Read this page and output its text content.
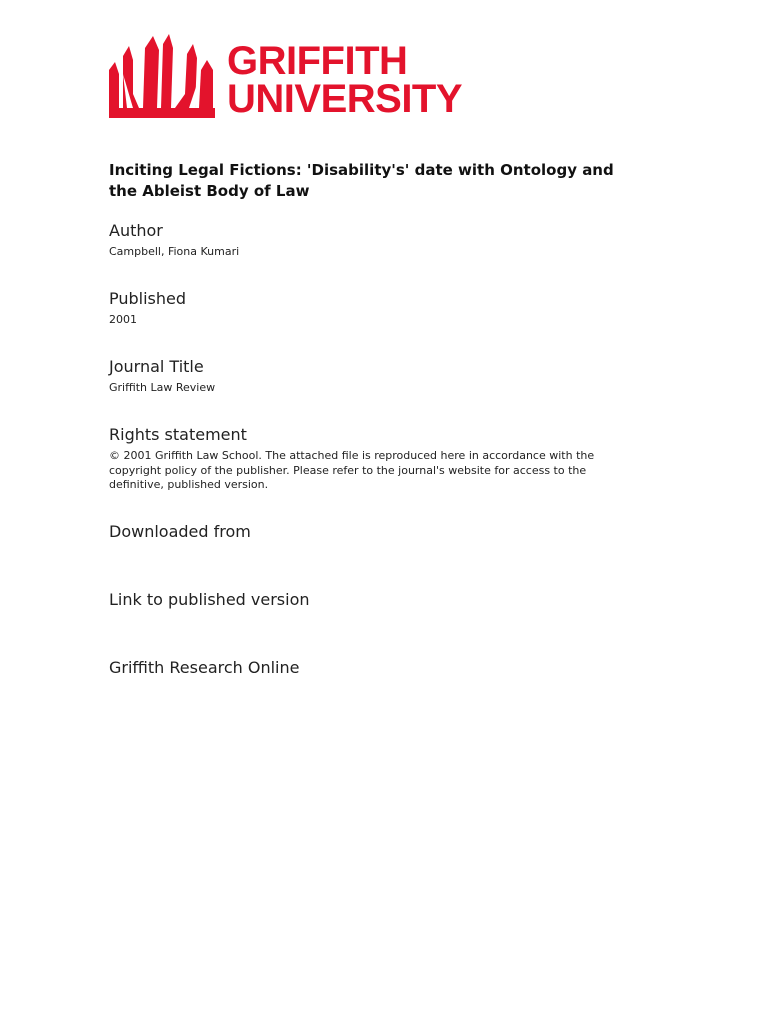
GRIFFITH
UNIVERSITY
Inciting Legal Fictions: 'Disability's' date with Ontology and the Ableist Body of Law
Author
Campbell, Fiona Kumari
Published
2001
Journal Title
Griffith Law Review
Rights statement
© 2001 Griffith Law School. The attached file is reproduced here in accordance with the copyright policy of the publisher. Please refer to the journal's website for access to the definitive, published version.
Downloaded from
Link to published version
Griffith Research Online
